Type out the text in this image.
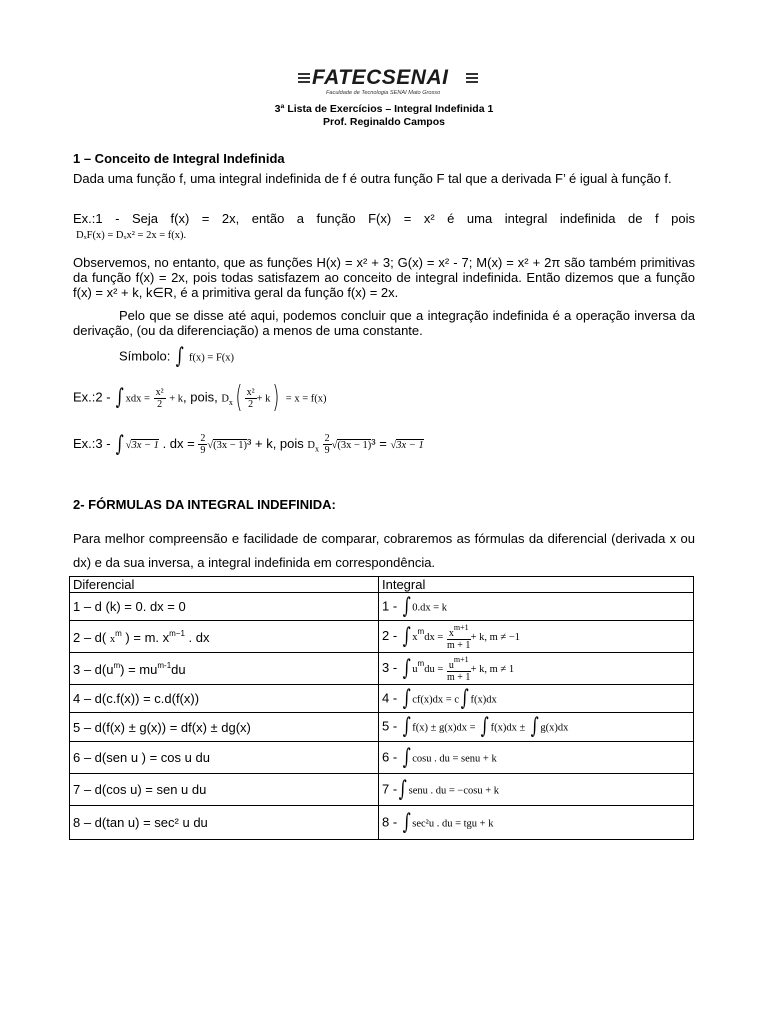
FATECSENAI
Faculdade de Tecnologia SENAI Mato Grosso
3ª Lista de Exercícios – Integral Indefinida 1
Prof. Reginaldo Campos
1 – Conceito de Integral Indefinida
Dada uma função f, uma integral indefinida de f é outra função F tal que a derivada F’ é igual à função f.
Ex.:1 - Seja f(x) = 2x, então a função F(x) = x² é uma integral indefinida de f pois
DₓF(x) = Dₓx² = 2x = f(x).
Observemos, no entanto, que as funções H(x) = x² + 3; G(x) = x² - 7; M(x) = x² + 2π são também primitivas da função f(x) = 2x, pois todas satisfazem ao conceito de integral indefinida. Então dizemos que a função f(x) = x² + k, k∈R, é a primitiva geral da função f(x) = 2x.
Pelo que se disse até aqui, podemos concluir que a integração indefinida é a operação inversa da derivação, (ou da diferenciação) a menos de uma constante.
Símbolo: ∫ f(x) = F(x)
Ex.:2 - ∫ xdx = $\frac{\text{x²}}{2} + k$, pois, $D_x( \frac{\text{x²}}{2} + k) = x = f(x)$
Ex.:3 - ∫ √3x − 1 . dx = $\frac{2}{9} √(3x - 1)^3 + k$, pois $D_x \frac{2}{9} √(3x - 1)^3 = √3x - 1$
2- FÓRMULAS DA INTEGRAL INDEFINIDA:
Para melhor compreensão e facilidade de comparar, cobraremos as fórmulas da diferencial (derivada x ou dx) e da sua inversa, a integral indefinida em correspondência.
Diferencial	Integral
1 – d (k) = 0. dx = 0	1 - ∫ 0.dx = k
2 – d( $x^m$ ) = m. $x^{m-1}$ . dx	2 - ∫ $x^mdx = \frac{x^{m+1}}{m + 1} + k$, m ≠ −1
$3 - d(u^m) = mu^{m-1}du$	3 - ∫ $u^mdu = \frac{u^{m+1}}{m + 1} + k$, m ≠ 1
4 – d(c.f(x)) = c.d(f(x))	4 - ∫ cf(x)dx = c∫ f(x)dx
5 – d(f(x) ± g(x)) = df(x) ± dg(x)	5 - ∫ f(x) ± g(x)dx = ∫ f(x)dx ± ∫ g(x)dx
6 – d(sen u ) = cos u du	6 - ∫ cosu . du = senu + k
7 – d(cos u) = sen u du	7 -∫ senu . du = −cosu + k
8 – d(tan u) = sec² u du	8 - ∫ sec²u . du = tgu + k
